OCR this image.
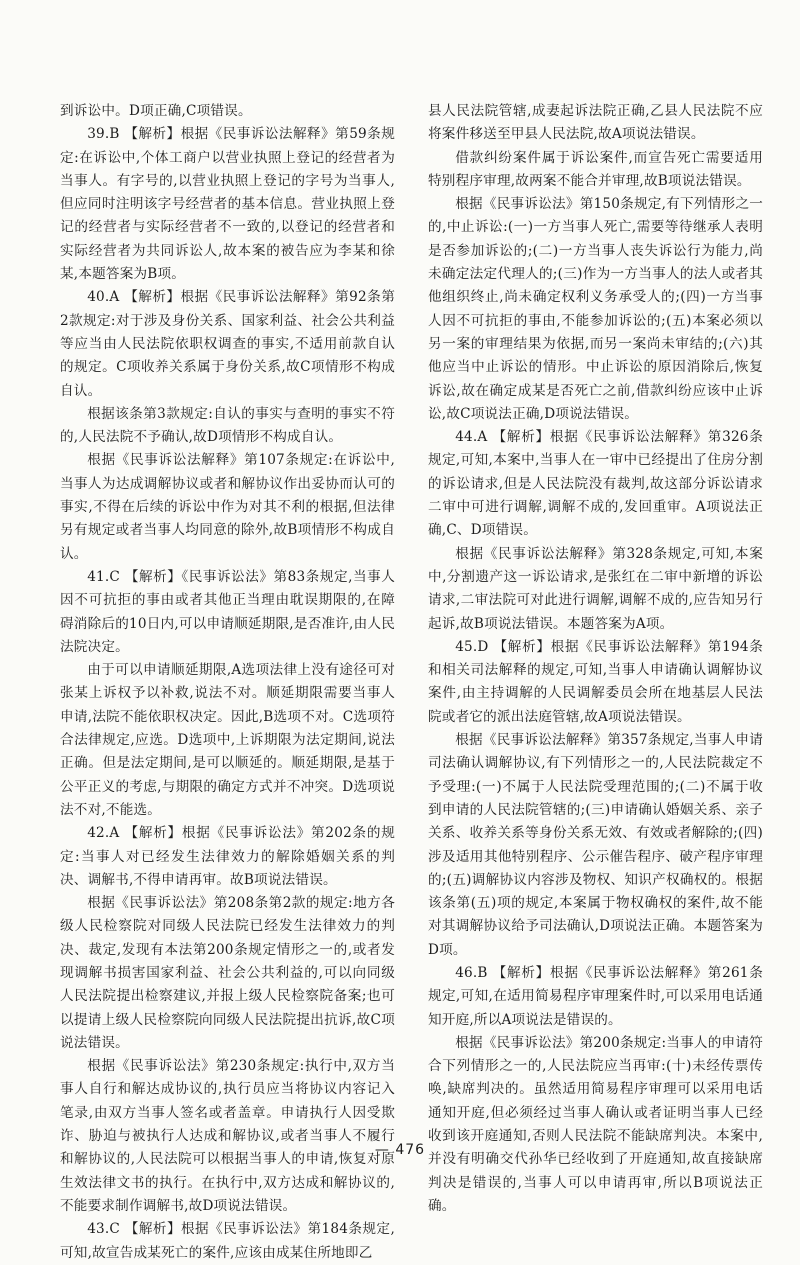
到诉讼中。D项正确,C项错误。

39.B 【解析】根据《民事诉讼法解释》第59条规定:在诉讼中,个体工商户以营业执照上登记的经营者为当事人。有字号的,以营业执照上登记的字号为当事人,但应同时注明该字号经营者的基本信息。营业执照上登记的经营者与实际经营者不一致的,以登记的经营者和实际经营者为共同诉讼人,故本案的被告应为李某和徐某,本题答案为B项。

40.A 【解析】根据《民事诉讼法解释》第92条第2款规定:对于涉及身份关系、国家利益、社会公共利益等应当由人民法院依职权调查的事实,不适用前款自认的规定。C项收养关系属于身份关系,故C项情形不构成自认。

根据该条第3款规定:自认的事实与查明的事实不符的,人民法院不予确认,故D项情形不构成自认。

根据《民事诉讼法解释》第107条规定:在诉讼中,当事人为达成调解协议或者和解协议作出妥协而认可的事实,不得在后续的诉讼中作为对其不利的根据,但法律另有规定或者当事人均同意的除外,故B项情形不构成自认。

41.C 【解析】《民事诉讼法》第83条规定,当事人因不可抗拒的事由或者其他正当理由耽误期限的,在障碍消除后的10日内,可以申请顺延期限,是否准许,由人民法院决定。

由于可以申请顺延期限,A选项法律上没有途径可对张某上诉权予以补救,说法不对。顺延期限需要当事人申请,法院不能依职权决定。因此,B选项不对。C选项符合法律规定,应选。D选项中,上诉期限为法定期间,说法正确。但是法定期间,是可以顺延的。顺延期限,是基于公平正义的考虑,与期限的确定方式并不冲突。D选项说法不对,不能选。

42.A 【解析】根据《民事诉讼法》第202条的规定:当事人对已经发生法律效力的解除婚姻关系的判决、调解书,不得申请再审。故B项说法错误。

根据《民事诉讼法》第208条第2款的规定:地方各级人民检察院对同级人民法院已经发生法律效力的判决、裁定,发现有本法第200条规定情形之一的,或者发现调解书损害国家利益、社会公共利益的,可以向同级人民法院提出检察建议,并报上级人民检察院备案;也可以提请上级人民检察院向同级人民法院提出抗诉,故C项说法错误。

根据《民事诉讼法》第230条规定:执行中,双方当事人自行和解达成协议的,执行员应当将协议内容记入笔录,由双方当事人签名或者盖章。申请执行人因受欺诈、胁迫与被执行人达成和解协议,或者当事人不履行和解协议的,人民法院可以根据当事人的申请,恢复对原生效法律文书的执行。在执行中,双方达成和解协议的,不能要求制作调解书,故D项说法错误。

43.C 【解析】根据《民事诉讼法》第184条规定,可知,故宣告成某死亡的案件,应该由成某住所地即乙

县人民法院管辖,成妻起诉法院正确,乙县人民法院不应将案件移送至甲县人民法院,故A项说法错误。

借款纠纷案件属于诉讼案件,而宣告死亡需要适用特别程序审理,故两案不能合并审理,故B项说法错误。

根据《民事诉讼法》第150条规定,有下列情形之一的,中止诉讼:(一)一方当事人死亡,需要等待继承人表明是否参加诉讼的;(二)一方当事人丧失诉讼行为能力,尚未确定法定代理人的;(三)作为一方当事人的法人或者其他组织终止,尚未确定权利义务承受人的;(四)一方当事人因不可抗拒的事由,不能参加诉讼的;(五)本案必须以另一案的审理结果为依据,而另一案尚未审结的;(六)其他应当中止诉讼的情形。中止诉讼的原因消除后,恢复诉讼,故在确定成某是否死亡之前,借款纠纷应该中止诉讼,故C项说法正确,D项说法错误。

44.A 【解析】根据《民事诉讼法解释》第326条规定,可知,本案中,当事人在一审中已经提出了住房分割的诉讼请求,但是人民法院没有裁判,故这部分诉讼请求二审中可进行调解,调解不成的,发回重审。A项说法正确,C、D项错误。

根据《民事诉讼法解释》第328条规定,可知,本案中,分割遗产这一诉讼请求,是张红在二审中新增的诉讼请求,二审法院可对此进行调解,调解不成的,应告知另行起诉,故B项说法错误。本题答案为A项。

45.D 【解析】根据《民事诉讼法解释》第194条和相关司法解释的规定,可知,当事人申请确认调解协议案件,由主持调解的人民调解委员会所在地基层人民法院或者它的派出法庭管辖,故A项说法错误。

根据《民事诉讼法解释》第357条规定,当事人申请司法确认调解协议,有下列情形之一的,人民法院裁定不予受理:(一)不属于人民法院受理范围的;(二)不属于收到申请的人民法院管辖的;(三)申请确认婚姻关系、亲子关系、收养关系等身份关系无效、有效或者解除的;(四)涉及适用其他特别程序、公示催告程序、破产程序审理的;(五)调解协议内容涉及物权、知识产权确权的。根据该条第(五)项的规定,本案属于物权确权的案件,故不能对其调解协议给予司法确认,D项说法正确。本题答案为D项。

46.B 【解析】根据《民事诉讼法解释》第261条规定,可知,在适用简易程序审理案件时,可以采用电话通知开庭,所以A项说法是错误的。

根据《民事诉讼法》第200条规定:当事人的申请符合下列情形之一的,人民法院应当再审:(十)未经传票传唤,缺席判决的。虽然适用简易程序审理可以采用电话通知开庭,但必须经过当事人确认或者证明当事人已经收到该开庭通知,否则人民法院不能缺席判决。本案中,并没有明确交代孙华已经收到了开庭通知,故直接缺席判决是错误的,当事人可以申请再审,所以B项说法正确。

— 476
